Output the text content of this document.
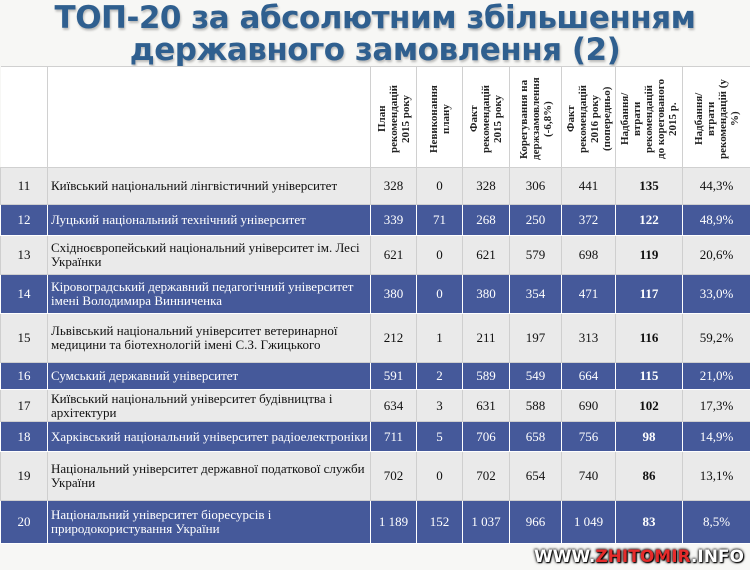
ТОП-20 за абсолютним збільшенням
державного замовлення (2)

		План
рекомендацій
2015 року	Невиконання
плану	Факт
рекомендацій
2015 року	Корегування на
держзамовлення
(-6,8%)	Факт
рекомендацій
2016 року
(попередньо)	Надбання/
втрати
рекомендацій
до корегованого
2015 р.	Надбання/
втрати
рекомендацій (у
%)

11	Київський національний лінгвістичний університет	328	0	328	306	441	135	44,3%
12	Луцький національний технічний університет	339	71	268	250	372	122	48,9%
13	Східноєвропейський національний університет ім. Лесі Українки	621	0	621	579	698	119	20,6%
14	Кіровоградський державний педагогічний університет імені Володимира Винниченка	380	0	380	354	471	117	33,0%
15	Львівський національний університет ветеринарної медицини та біотехнологій імені С.З. Гжицького	212	1	211	197	313	116	59,2%
16	Сумський державний університет	591	2	589	549	664	115	21,0%
17	Київський національний університет будівництва і архітектури	634	3	631	588	690	102	17,3%
18	Харківський національний університет радіоелектроніки	711	5	706	658	756	98	14,9%
19	Національний університет державної податкової служби України	702	0	702	654	740	86	13,1%
20	Національний університет біоресурсів і природокористування України	1 189	152	1 037	966	1 049	83	8,5%
WWW.ZHITOMIR.INFO
